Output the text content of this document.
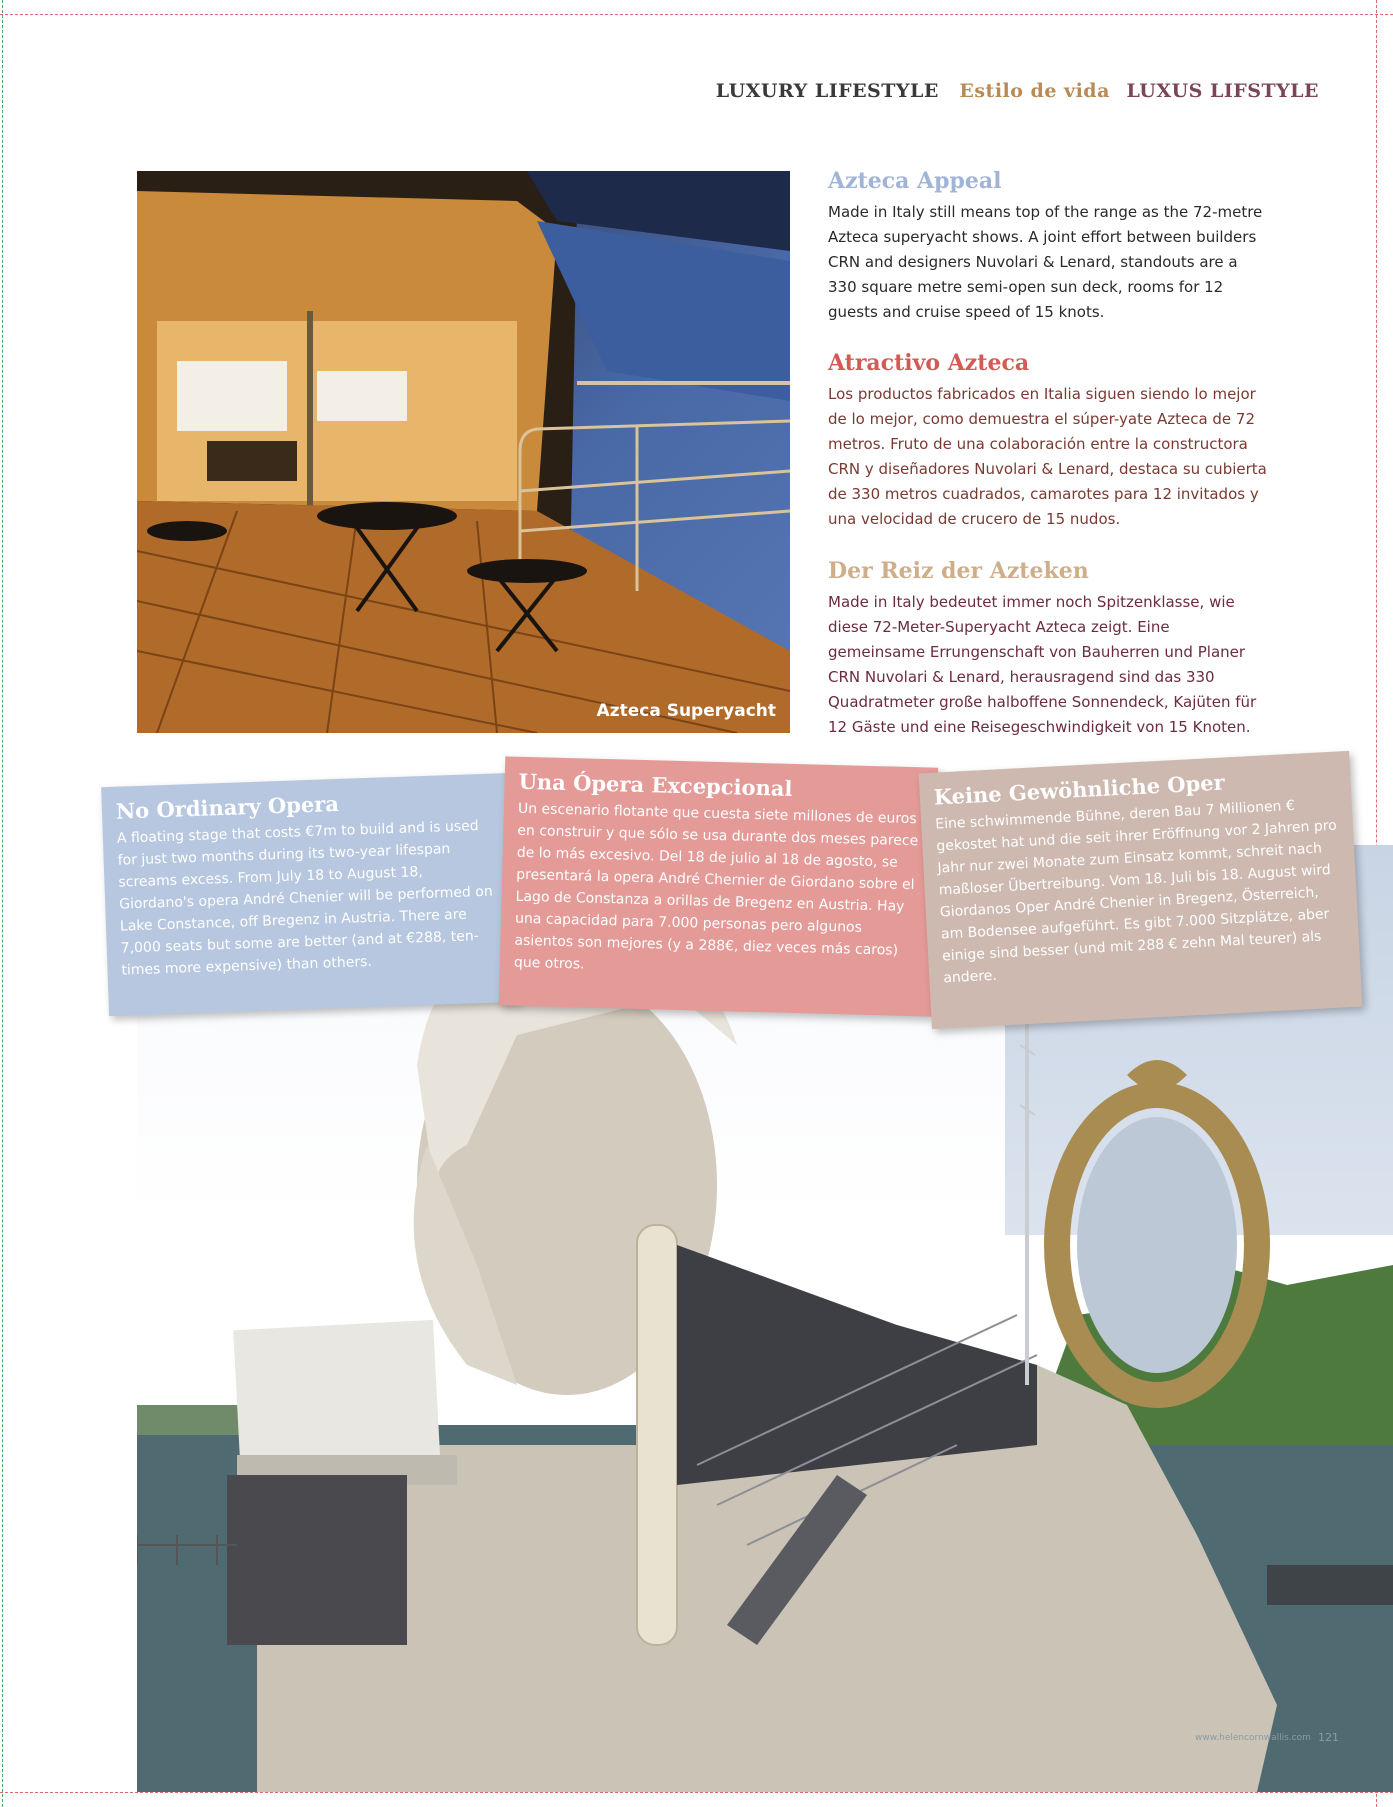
LUXURY LIFESTYLE Estilo de vida LUXUS LIFSTYLE
Azteca Superyacht
Azteca Appeal

Made in Italy still means top of the range as the 72-metre Azteca superyacht shows. A joint effort between builders CRN and designers Nuvolari & Lenard, standouts are a 330 square metre semi-open sun deck, rooms for 12 guests and cruise speed of 15 knots.

Atractivo Azteca

Los productos fabricados en Italia siguen siendo lo mejor de lo mejor, como demuestra el súper-yate Azteca de 72 metros. Fruto de una colaboración entre la constructora CRN y diseñadores Nuvolari & Lenard, destaca su cubierta de 330 metros cuadrados, camarotes para 12 invitados y una velocidad de crucero de 15 nudos.

Der Reiz der Azteken

Made in Italy bedeutet immer noch Spitzenklasse, wie diese 72-Meter-Superyacht Azteca zeigt. Eine gemeinsame Errungenschaft von Bauherren und Planer CRN Nuvolari & Lenard, herausragend sind das 330 Quadratmeter große halboffene Sonnendeck, Kajüten für 12 Gäste und eine Reisegeschwindigkeit von 15 Knoten.

No Ordinary Opera

A floating stage that costs €7m to build and is used for just two months during its two-year lifespan screams excess. From July 18 to August 18, Giordano's opera André Chenier will be performed on Lake Constance, off Bregenz in Austria. There are 7,000 seats but some are better (and at €288, ten-times more expensive) than others.

Una Ópera Excepcional

Un escenario flotante que cuesta siete millones de euros en construir y que sólo se usa durante dos meses parece de lo más excesivo. Del 18 de julio al 18 de agosto, se presentará la opera André Chernier de Giordano sobre el Lago de Constanza a orillas de Bregenz en Austria. Hay una capacidad para 7.000 personas pero algunos asientos son mejores (y a 288€, diez veces más caros) que otros.

Keine Gewöhnliche Oper

Eine schwimmende Bühne, deren Bau 7 Millionen € gekostet hat und die seit ihrer Eröffnung vor 2 Jahren pro Jahr nur zwei Monate zum Einsatz kommt, schreit nach maßloser Übertreibung. Vom 18. Juli bis 18. August wird Giordanos Oper André Chenier in Bregenz, Österreich, am Bodensee aufgeführt. Es gibt 7.000 Sitzplätze, aber einige sind besser (und mit 288 € zehn Mal teurer) als andere.

www.helencornwallis.com 121
